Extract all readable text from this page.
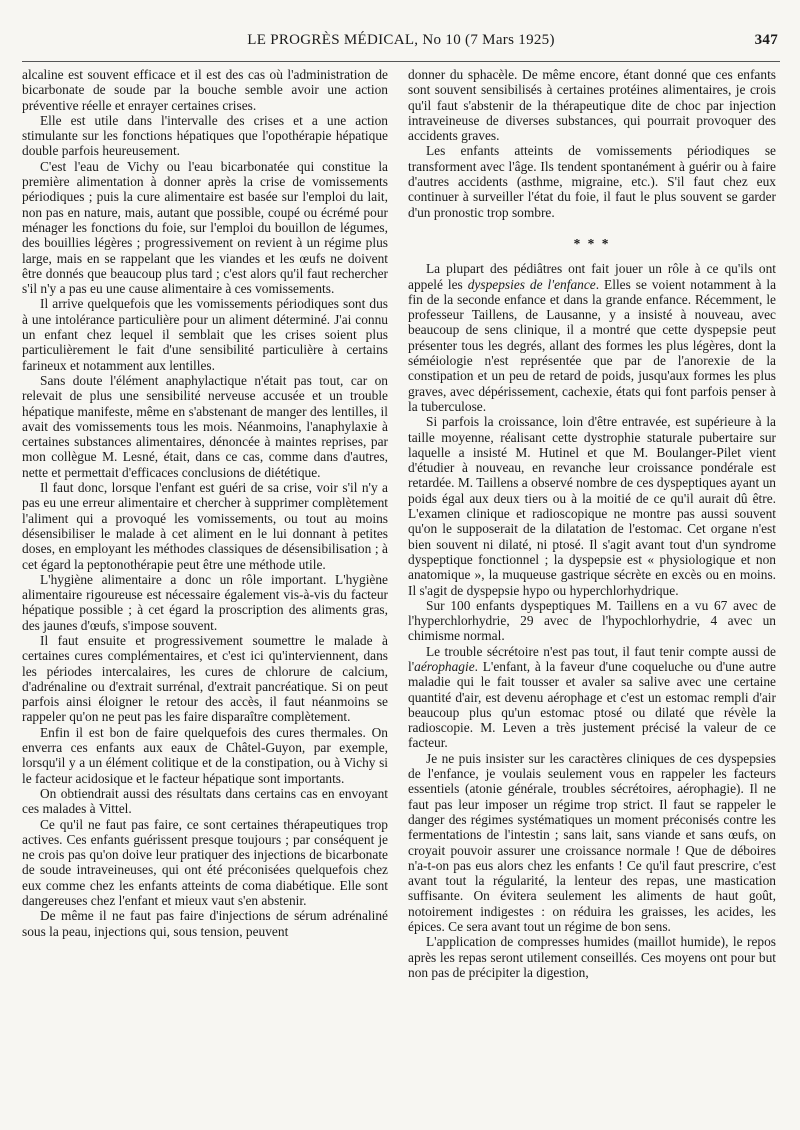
LE PROGRÈS MÉDICAL, No 10 (7 Mars 1925)	347

alcaline est souvent efficace et il est des cas où l'administration de bicarbonate de soude par la bouche semble avoir une action préventive réelle et enrayer certaines crises.

Elle est utile dans l'intervalle des crises et a une action stimulante sur les fonctions hépatiques que l'opothérapie hépatique double parfois heureusement.

C'est l'eau de Vichy ou l'eau bicarbonatée qui constitue la première alimentation à donner après la crise de vomissements périodiques ; puis la cure alimentaire est basée sur l'emploi du lait, non pas en nature, mais, autant que possible, coupé ou écrémé pour ménager les fonctions du foie, sur l'emploi du bouillon de légumes, des bouillies légères ; progressivement on revient à un régime plus large, mais en se rappelant que les viandes et les œufs ne doivent être donnés que beaucoup plus tard ; c'est alors qu'il faut rechercher s'il n'y a pas eu une cause alimentaire à ces vomissements.

Il arrive quelquefois que les vomissements périodiques sont dus à une intolérance particulière pour un aliment déterminé. J'ai connu un enfant chez lequel il semblait que les crises soient plus particulièrement le fait d'une sensibilité particulière à certains farineux et notamment aux lentilles.

Sans doute l'élément anaphylactique n'était pas tout, car on relevait de plus une sensibilité nerveuse accusée et un trouble hépatique manifeste, même en s'abstenant de manger des lentilles, il avait des vomissements tous les mois. Néanmoins, l'anaphylaxie à certaines substances alimentaires, dénoncée à maintes reprises, par mon collègue M. Lesné, était, dans ce cas, comme dans d'autres, nette et permettait d'efficaces conclusions de diététique.

Il faut donc, lorsque l'enfant est guéri de sa crise, voir s'il n'y a pas eu une erreur alimentaire et chercher à supprimer complètement l'aliment qui a provoqué les vomissements, ou tout au moins désensibiliser le malade à cet aliment en le lui donnant à petites doses, en employant les méthodes classiques de désensibilisation ; à cet égard la peptonothérapie peut être une méthode utile.

L'hygiène alimentaire a donc un rôle important. L'hygiène alimentaire rigoureuse est nécessaire également vis-à-vis du facteur hépatique possible ; à cet égard la proscription des aliments gras, des jaunes d'œufs, s'impose souvent.

Il faut ensuite et progressivement soumettre le malade à certaines cures complémentaires, et c'est ici qu'interviennent, dans les périodes intercalaires, les cures de chlorure de calcium, d'adrénaline ou d'extrait surrénal, d'extrait pancréatique. Si on peut parfois ainsi éloigner le retour des accès, il faut néanmoins se rappeler qu'on ne peut pas les faire disparaître complètement.

Enfin il est bon de faire quelquefois des cures thermales. On enverra ces enfants aux eaux de Châtel-Guyon, par exemple, lorsqu'il y a un élément colitique et de la constipation, ou à Vichy si le facteur acidosique et le facteur hépatique sont importants.

On obtiendrait aussi des résultats dans certains cas en envoyant ces malades à Vittel.

Ce qu'il ne faut pas faire, ce sont certaines thérapeutiques trop actives. Ces enfants guérissent presque toujours ; par conséquent je ne crois pas qu'on doive leur pratiquer des injections de bicarbonate de soude intraveineuses, qui ont été préconisées quelquefois chez eux comme chez les enfants atteints de coma diabétique. Elle sont dangereuses chez l'enfant et mieux vaut s'en abstenir.

De même il ne faut pas faire d'injections de sérum adrénaliné sous la peau, injections qui, sous tension, peuvent

donner du sphacèle. De même encore, étant donné que ces enfants sont souvent sensibilisés à certaines protéines alimentaires, je crois qu'il faut s'abstenir de la thérapeutique dite de choc par injection intraveineuse de diverses substances, qui pourrait provoquer des accidents graves.

Les enfants atteints de vomissements périodiques se transforment avec l'âge. Ils tendent spontanément à guérir ou à faire d'autres accidents (asthme, migraine, etc.). S'il faut chez eux continuer à surveiller l'état du foie, il faut le plus souvent se garder d'un pronostic trop sombre.

* * *

La plupart des pédiâtres ont fait jouer un rôle à ce qu'ils ont appelé les dyspepsies de l'enfance. Elles se voient notamment à la fin de la seconde enfance et dans la grande enfance. Récemment, le professeur Taillens, de Lausanne, y a insisté à nouveau, avec beaucoup de sens clinique, il a montré que cette dyspepsie peut présenter tous les degrés, allant des formes les plus légères, dont la séméiologie n'est représentée que par de l'anorexie de la constipation et un peu de retard de poids, jusqu'aux formes les plus graves, avec dépérissement, cachexie, états qui font parfois penser à la tuberculose.

Si parfois la croissance, loin d'être entravée, est supérieure à la taille moyenne, réalisant cette dystrophie staturale pubertaire sur laquelle a insisté M. Hutinel et que M. Boulanger-Pilet vient d'étudier à nouveau, en revanche leur croissance pondérale est retardée. M. Taillens a observé nombre de ces dyspeptiques ayant un poids égal aux deux tiers ou à la moitié de ce qu'il aurait dû être. L'examen clinique et radioscopique ne montre pas aussi souvent qu'on le supposerait de la dilatation de l'estomac. Cet organe n'est bien souvent ni dilaté, ni ptosé. Il s'agit avant tout d'un syndrome dyspeptique fonctionnel ; la dyspepsie est « physiologique et non anatomique », la muqueuse gastrique sécrète en excès ou en moins. Il s'agit de dyspepsie hypo ou hyperchlorhydrique.

Sur 100 enfants dyspeptiques M. Taillens en a vu 67 avec de l'hyperchlorhydrie, 29 avec de l'hypochlorhydrie, 4 avec un chimisme normal.

Le trouble sécrétoire n'est pas tout, il faut tenir compte aussi de l'aérophagie. L'enfant, à la faveur d'une coqueluche ou d'une autre maladie qui le fait tousser et avaler sa salive avec une certaine quantité d'air, est devenu aérophage et c'est un estomac rempli d'air beaucoup plus qu'un estomac ptosé ou dilaté que révèle la radioscopie. M. Leven a très justement précisé la valeur de ce facteur.

Je ne puis insister sur les caractères cliniques de ces dyspepsies de l'enfance, je voulais seulement vous en rappeler les facteurs essentiels (atonie générale, troubles sécrétoires, aérophagie). Il ne faut pas leur imposer un régime trop strict. Il faut se rappeler le danger des régimes systématiques un moment préconisés contre les fermentations de l'intestin ; sans lait, sans viande et sans œufs, on croyait pouvoir assurer une croissance normale ! Que de déboires n'a-t-on pas eus alors chez les enfants ! Ce qu'il faut prescrire, c'est avant tout la régularité, la lenteur des repas, une mastication suffisante. On évitera seulement les aliments de haut goût, notoirement indigestes : on réduira les graisses, les acides, les épices. Ce sera avant tout un régime de bon sens.

L'application de compresses humides (maillot humide), le repos après les repas seront utilement conseillés. Ces moyens ont pour but non pas de précipiter la digestion,
